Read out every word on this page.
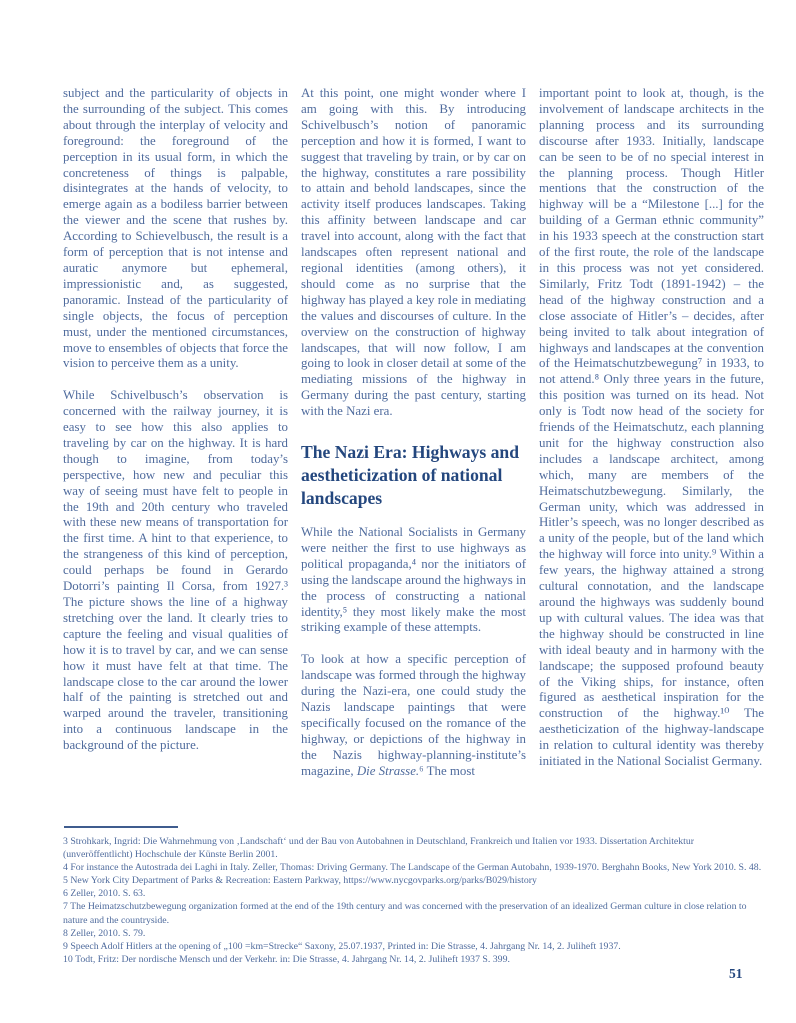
subject and the particularity of objects in the surrounding of the subject. This comes about through the interplay of velocity and foreground: the foreground of the perception in its usual form, in which the concreteness of things is palpable, disintegrates at the hands of velocity, to emerge again as a bodiless barrier between the viewer and the scene that rushes by. According to Schievelbusch, the result is a form of perception that is not intense and auratic anymore but ephemeral, impressionistic and, as suggested, panoramic. Instead of the particularity of single objects, the focus of perception must, under the mentioned circumstances, move to ensembles of objects that force the vision to perceive them as a unity.

While Schivelbusch’s observation is concerned with the railway journey, it is easy to see how this also applies to traveling by car on the highway. It is hard though to imagine, from today’s perspective, how new and peculiar this way of seeing must have felt to people in the 19th and 20th century who traveled with these new means of transportation for the first time. A hint to that experience, to the strangeness of this kind of perception, could perhaps be found in Gerardo Dotorri’s painting Il Corsa, from 1927.³ The picture shows the line of a highway stretching over the land. It clearly tries to capture the feeling and visual qualities of how it is to travel by car, and we can sense how it must have felt at that time. The landscape close to the car around the lower half of the painting is stretched out and warped around the traveler, transitioning into a continuous landscape in the background of the picture.

At this point, one might wonder where I am going with this. By introducing Schivelbusch’s notion of panoramic perception and how it is formed, I want to suggest that traveling by train, or by car on the highway, constitutes a rare possibility to attain and behold landscapes, since the activity itself produces landscapes. Taking this affinity between landscape and car travel into account, along with the fact that landscapes often represent national and regional identities (among others), it should come as no surprise that the highway has played a key role in mediating the values and discourses of culture. In the overview on the construction of highway landscapes, that will now follow, I am going to look in closer detail at some of the mediating missions of the highway in Germany during the past century, starting with the Nazi era.

The Nazi Era: Highways and aestheticization of national landscapes

While the National Socialists in Germany were neither the first to use highways as political propaganda,⁴ nor the initiators of using the landscape around the highways in the process of constructing a national identity,⁵ they most likely make the most striking example of these attempts.

To look at how a specific perception of landscape was formed through the highway during the Nazi-era, one could study the Nazis landscape paintings that were specifically focused on the romance of the highway, or depictions of the highway in the Nazis highway-planning-institute’s magazine, Die Strasse.⁶ The most

important point to look at, though, is the involvement of landscape architects in the planning process and its surrounding discourse after 1933. Initially, landscape can be seen to be of no special interest in the planning process. Though Hitler mentions that the construction of the highway will be a “Milestone [...] for the building of a German ethnic community” in his 1933 speech at the construction start of the first route, the role of the landscape in this process was not yet considered. Similarly, Fritz Todt (1891-1942) – the head of the highway construction and a close associate of Hitler’s – decides, after being invited to talk about integration of highways and landscapes at the convention of the Heimatschutzbewegung⁷ in 1933, to not attend.⁸ Only three years in the future, this position was turned on its head. Not only is Todt now head of the society for friends of the Heimatschutz, each planning unit for the highway construction also includes a landscape architect, among which, many are members of the Heimatschutzbewegung. Similarly, the German unity, which was addressed in Hitler’s speech, was no longer described as a unity of the people, but of the land which the highway will force into unity.⁹ Within a few years, the highway attained a strong cultural connotation, and the landscape around the highways was suddenly bound up with cultural values. The idea was that the highway should be constructed in line with ideal beauty and in harmony with the landscape; the supposed profound beauty of the Viking ships, for instance, often figured as aesthetical inspiration for the construction of the highway.¹⁰ The aestheticization of the highway-landscape in relation to cultural identity was thereby initiated in the National Socialist Germany.

3 Strohkark, Ingrid: Die Wahrnehmung von ‚Landschaft‘ und der Bau von Autobahnen in Deutschland, Frankreich und Italien vor 1933. Dissertation Architektur (unveröffentlicht) Hochschule der Künste Berlin 2001.
4 For instance the Autostrada dei Laghi in Italy. Zeller, Thomas: Driving Germany. The Landscape of the German Autobahn, 1939-1970. Berghahn Books, New York 2010. S. 48.
5 New York City Department of Parks & Recreation: Eastern Parkway, https://www.nycgovparks.org/parks/B029/history
6 Zeller, 2010. S. 63.
7 The Heimatzschutzbewegung organization formed at the end of the 19th century and was concerned with the preservation of an idealized German culture in close relation to nature and the countryside.
8 Zeller, 2010. S. 79.
9 Speech Adolf Hitlers at the opening of „100 =km=Strecke“ Saxony, 25.07.1937, Printed in: Die Strasse, 4. Jahrgang Nr. 14, 2. Juliheft 1937.
10 Todt, Fritz: Der nordische Mensch und der Verkehr. in: Die Strasse, 4. Jahrgang Nr. 14, 2. Juliheft 1937 S. 399.
51
